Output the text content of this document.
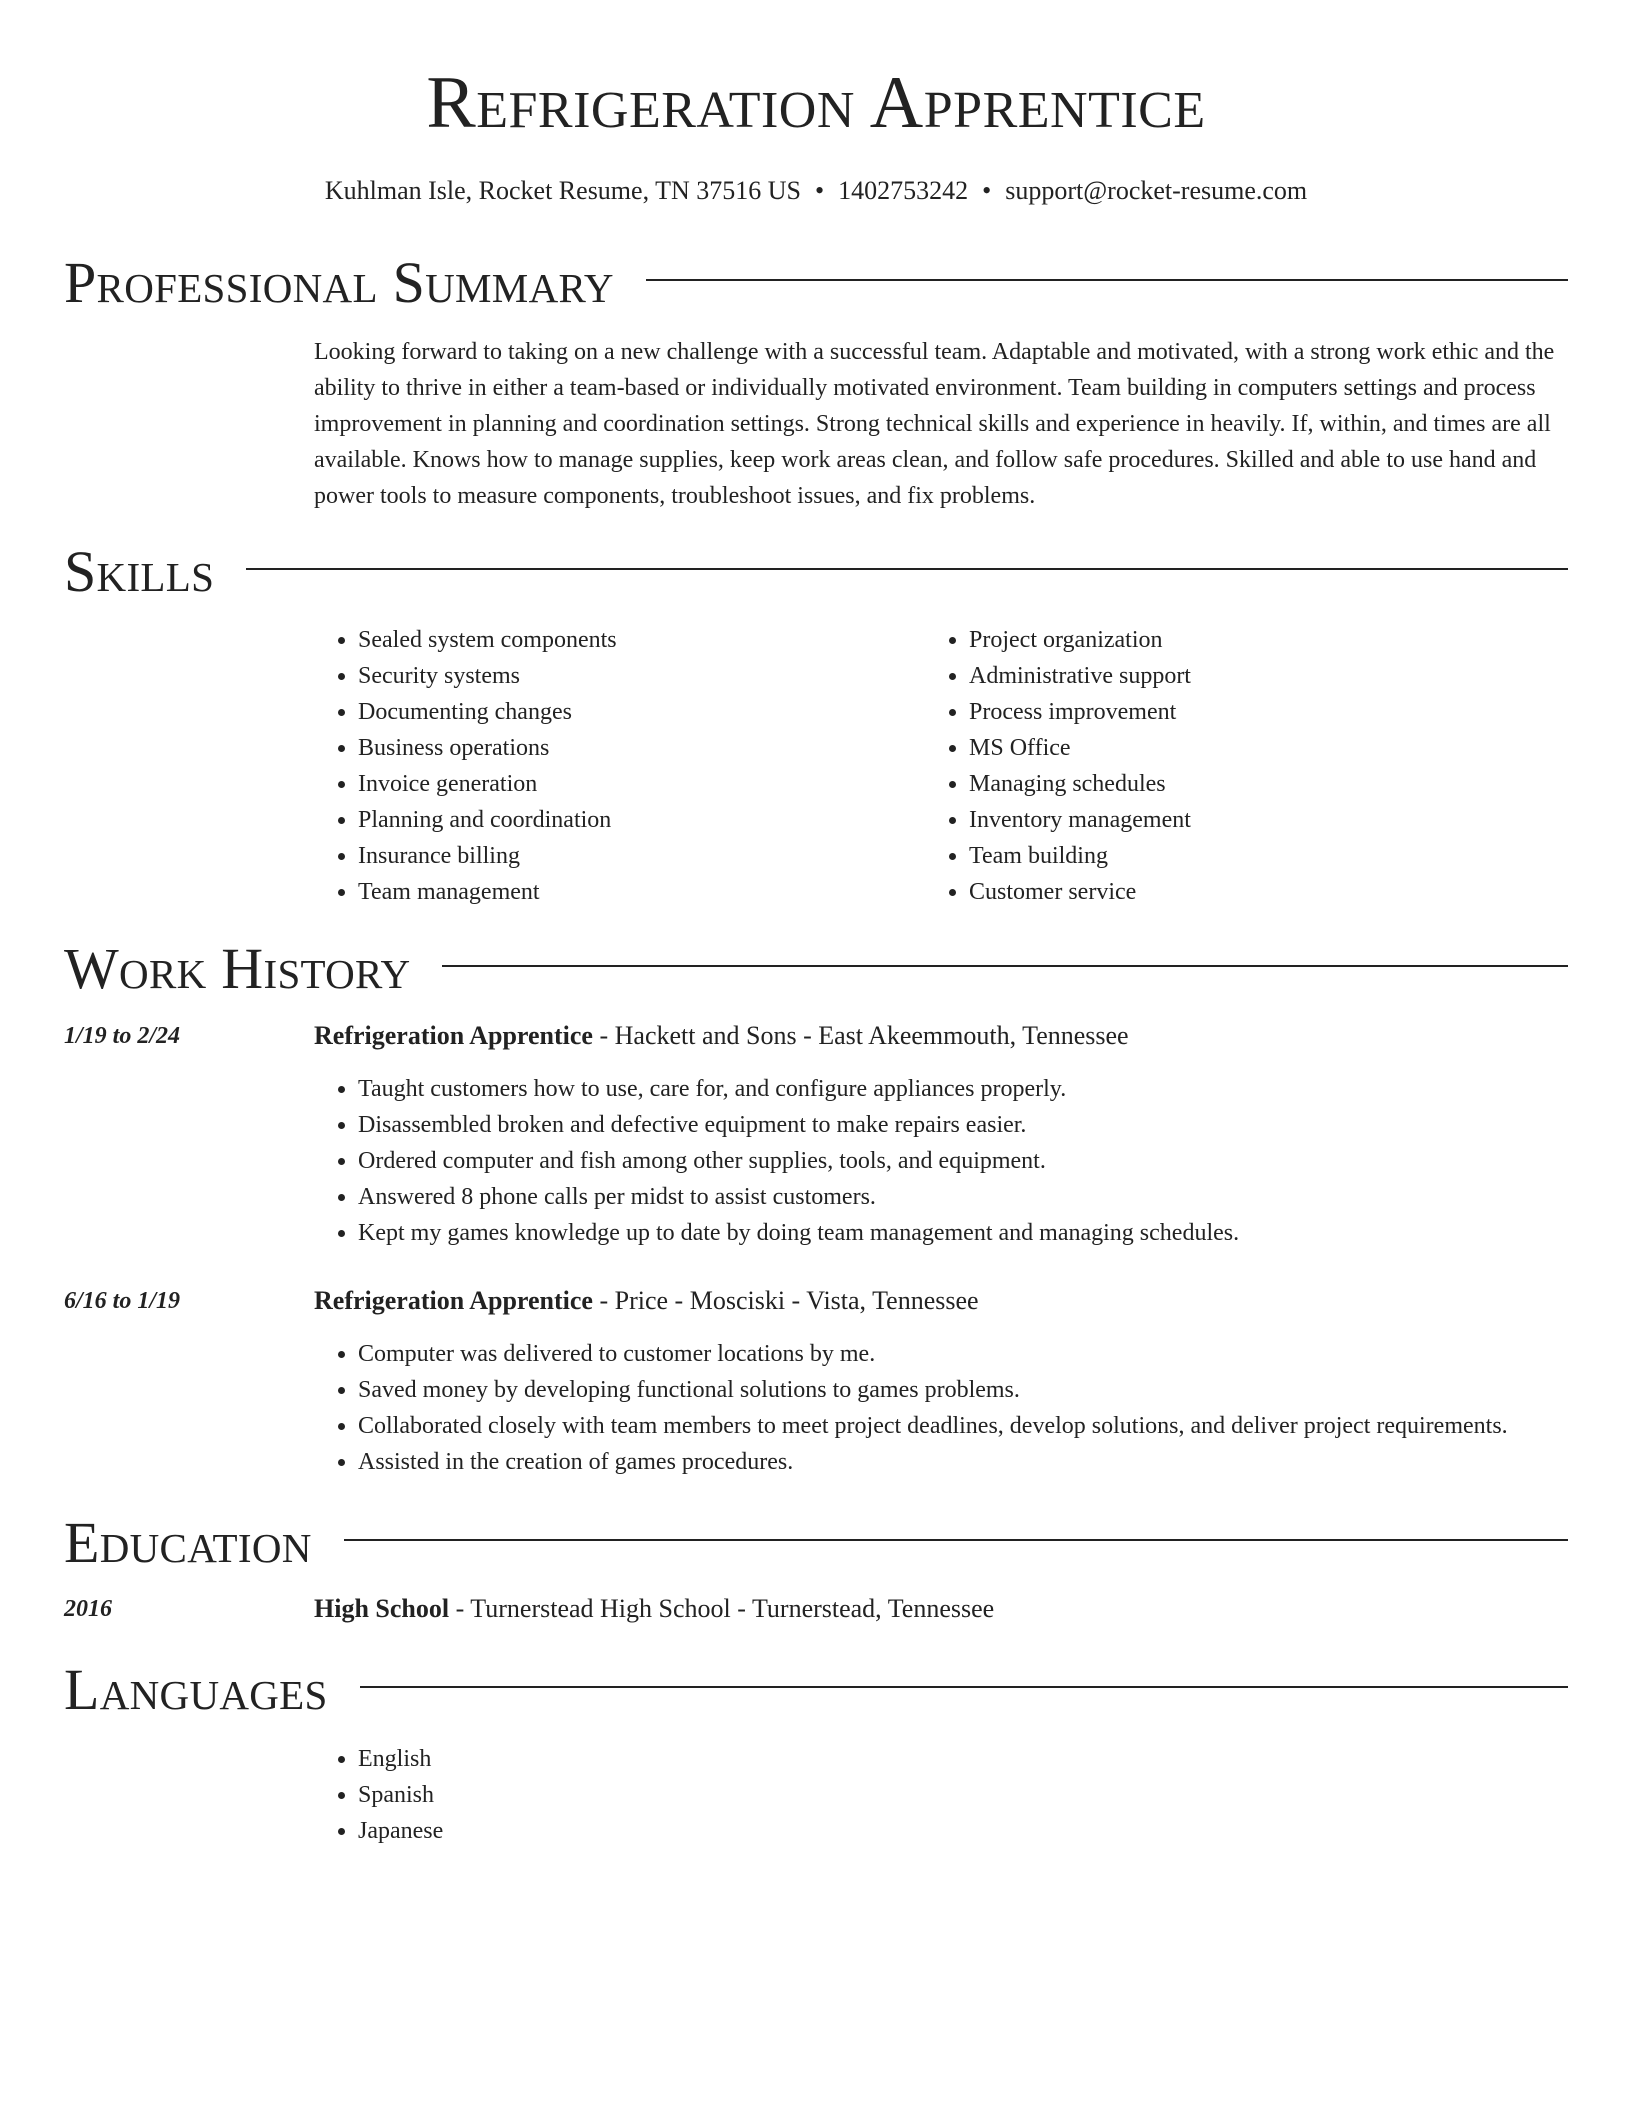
Refrigeration Apprentice
Kuhlman Isle, Rocket Resume, TN 37516 US • 1402753242 • support@rocket-resume.com
Professional Summary

Looking forward to taking on a new challenge with a successful team. Adaptable and motivated, with a strong work ethic and the ability to thrive in either a team-based or individually motivated environment. Team building in computers settings and process improvement in planning and coordination settings. Strong technical skills and experience in heavily. If, within, and times are all available. Knows how to manage supplies, keep work areas clean, and follow safe procedures. Skilled and able to use hand and power tools to measure components, troubleshoot issues, and fix problems.

Skills
• Sealed system components
• Security systems
• Documenting changes
• Business operations
• Invoice generation
• Planning and coordination
• Insurance billing
• Team management
• Project organization
• Administrative support
• Process improvement
• MS Office
• Managing schedules
• Inventory management
• Team building
• Customer service
Work History
1/19 to 2/24	Refrigeration Apprentice - Hackett and Sons - East Akeemmouth, Tennessee
• Taught customers how to use, care for, and configure appliances properly.
• Disassembled broken and defective equipment to make repairs easier.
• Ordered computer and fish among other supplies, tools, and equipment.
• Answered 8 phone calls per midst to assist customers.
• Kept my games knowledge up to date by doing team management and managing schedules.
6/16 to 1/19	Refrigeration Apprentice - Price - Mosciski - Vista, Tennessee
• Computer was delivered to customer locations by me.
• Saved money by developing functional solutions to games problems.
• Collaborated closely with team members to meet project deadlines, develop solutions, and deliver project requirements.
• Assisted in the creation of games procedures.
Education
2016	High School - Turnerstead High School - Turnerstead, Tennessee
Languages
• English
• Spanish
• Japanese
